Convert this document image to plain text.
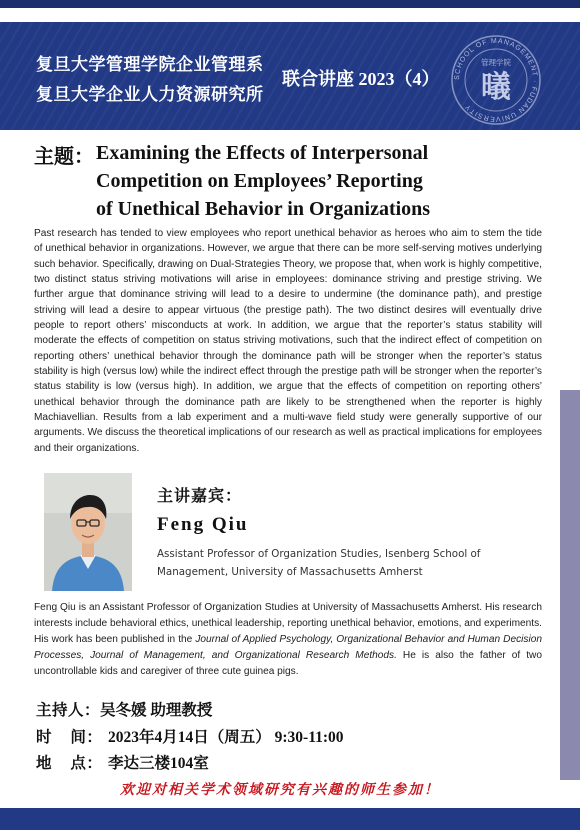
复旦大学管理学院企业管理系
复旦大学企业人力资源研究所
联合讲座 2023（4） SCHOOL OF MANAGEMENT · FUDAN UNIVERSITY
管理学院
㬢
主题： Examining the Effects of Interpersonal
Competition on Employees’ Reporting
of Unethical Behavior in Organizations

Past research has tended to view employees who report unethical behavior as heroes who aim to stem the tide of unethical behavior in organizations. However, we argue that there can be more self-serving motives underlying such behavior. Specifically, drawing on Dual-Strategies Theory, we propose that, when work is highly competitive, two distinct status striving motivations will arise in employees: dominance striving and prestige striving. We further argue that dominance striving will lead to a desire to undermine (the dominance path), and prestige striving will lead a desire to appear virtuous (the prestige path). The two distinct desires will eventually drive people to report others’ misconducts at work. In addition, we argue that the reporter’s status stability will moderate the effects of competition on status striving motivations, such that the indirect effect of competition on reporting others’ unethical behavior through the dominance path will be stronger when the reporter’s status stability is high (versus low) while the indirect effect through the prestige path will be stronger when the reporter’s status stability is low (versus high). In addition, we argue that the effects of competition on reporting others’ unethical behavior through the dominance path are likely to be strengthened when the reporter is highly Machiavellian. Results from a lab experiment and a multi-wave field study were generally supportive of our arguments. We discuss the theoretical implications of our research as well as practical implications for employees and their organizations.

主讲嘉宾：
Feng Qiu

Assistant Professor of Organization Studies, Isenberg School of Management, University of Massachusetts Amherst

Feng Qiu is an Assistant Professor of Organization Studies at University of Massachusetts Amherst. His research interests include behavioral ethics, unethical leadership, reporting unethical behavior, emotions, and experiments. His work has been published in the Journal of Applied Psychology, Organizational Behavior and Human Decision Processes, Journal of Management, and Organizational Research Methods. He is also the father of two uncontrollable kids and caregiver of three cute guinea pigs.

主持人：吴冬媛 助理教授
时 间： 2023年4月14日（周五） 9:30-11:00
地 点： 李达三楼104室
欢迎对相关学术领域研究有兴趣的师生参加！
